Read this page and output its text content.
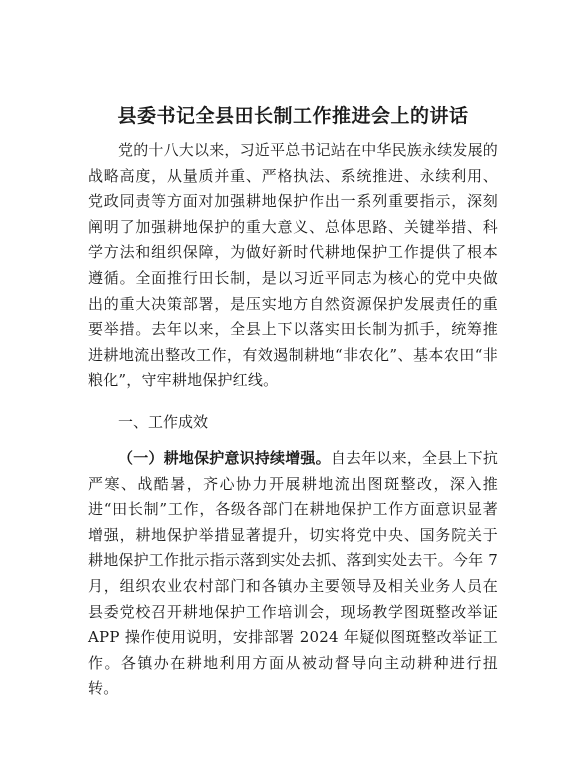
县委书记全县田长制工作推进会上的讲话
党的十八大以来，习近平总书记站在中华民族永续发展的战略高度，从量质并重、严格执法、系统推进、永续利用、党政同责等方面对加强耕地保护作出一系列重要指示，深刻阐明了加强耕地保护的重大意义、总体思路、关键举措、科学方法和组织保障，为做好新时代耕地保护工作提供了根本遵循。全面推行田长制，是以习近平同志为核心的党中央做出的重大决策部署，是压实地方自然资源保护发展责任的重要举措。去年以来，全县上下以落实田长制为抓手，统筹推进耕地流出整改工作，有效遏制耕地“非农化”、基本农田“非粮化”，守牢耕地保护红线。
一、工作成效
（一）耕地保护意识持续增强。自去年以来，全县上下抗严寒、战酷暑，齐心协力开展耕地流出图斑整改，深入推进“田长制”工作，各级各部门在耕地保护工作方面意识显著增强，耕地保护举措显著提升，切实将党中央、国务院关于耕地保护工作批示指示落到实处去抓、落到实处去干。今年 7 月，组织农业农村部门和各镇办主要领导及相关业务人员在县委党校召开耕地保护工作培训会，现场教学图斑整改举证 APP 操作使用说明，安排部署 2024 年疑似图斑整改举证工作。各镇办在耕地利用方面从被动督导向主动耕种进行扭转。
